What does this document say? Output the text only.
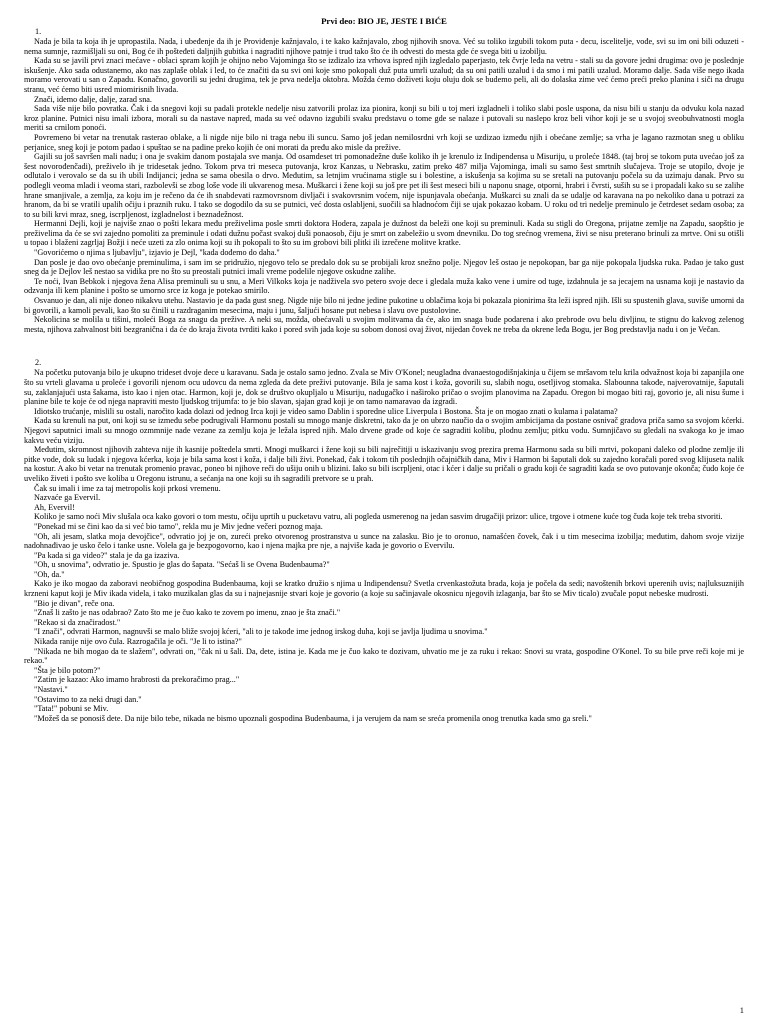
Prvi deo: BIO JE, JESTE I BIĆE
1.

Nada je bila ta koja ih je upropastila. Nada, i ubeđenje da ih je Proviđenje kažnjavalo, i te kako kažnjavalo, zbog njihovih snova. Već su toliko izgubili tokom puta - decu, iscelitelje, vođe, svi su im oni bili oduzeti - nema sumnje, razmišljali su oni, Bog će ih pošteđeti daljnjih gubitka i nagraditi njihove patnje i trud tako što će ih odvesti do mesta gde će svega biti u izobilju.

Kada su se javili prvi znaci mećave - oblaci spram kojih je ohijno nebo Vajominga što se izdizalo iza vrhova ispred njih izgledalo paperjasto, tek čvrje leđa na vetru - stali su da govore jedni drugima: ovo je poslednje iskušenje. Ako sada odustanemo, ako nas zaplaše oblak i led, to će značiti da su svi oni koje smo pokopali duž puta umrli uzalud; da su oni patili uzalud i da smo i mi patili uzalud. Moramo dalje. Sada više nego ikada moramo verovati u san o Zapadu. Konačno, govorili su jedni drugima, tek je prva nedelja oktobra. Možda ćemo doživeti koju oluju dok se budemo peli, ali do dolaska zime već ćemo preći preko planina i siči na drugu stranu, već ćemo biti usred miomirisnih livada.

Znači, idemo dalje, dalje, zarad sna.

Sada više nije bilo povratka. Čak i da snegovi koji su padali protekle nedelje nisu zatvorili prolaz iza pionira, konji su bili u toj meri izgladneli i toliko slabi posle uspona, da nisu bili u stanju da odvuku kola nazad kroz planine. Putnici nisu imali izbora, morali su da nastave napred, mada su već odavno izgubili svaku predstavu o tome gde se nalaze i putovali su naslepo kroz beli vihor koji je se u svojoj sveobuhvatnosti mogla meriti sa crnilom ponoći.

Povremeno bi vetar na trenutak rasterao oblake, a li nigde nije bilo ni traga nebu ili suncu. Samo još jedan nemilosrdni vrh koji se uzdizao između njih i obećane zemlje; sa vrha je lagano razmotan sneg u obliku perjanice, sneg koji je potom padao i spuštao se na padine preko kojih će oni morati da pređu ako misle da prežive.

Gajili su još savršen mali nadu; i ona je svakim danom postajala sve manja. Od osamdeset tri pomonadežne duše koliko ih je krenulo iz Indipendensa u Misuriju, u proleće 1848. (taj broj se tokom puta uvećao još za šest novorođenčadi), preživelo ih je tridesetak jedno. Tokom prva tri meseca putovanja, kroz Kanzas, u Nebrasku, zatim preko 487 milja Vajominga, imali su samo šest smrtnih slučajeva. Troje se utopilo, dvoje je odlutalo i verovalo se da su ih ubili Indijanci; jedna se sama obesila o drvo. Međutim, sa letnjim vrućinama stigle su i bolestine, a iskušenja sa kojima su se sretali na putovanju počela su da uzimaju danak. Prvo su podlegli veoma mladi i veoma stari, razbolevši se zbog loše vode ili ukvarenog mesa. Muškarci i žene koji su još pre pet ili šest meseci bili u naponu snage, otporni, hrabri i čvrsti, suših su se i propadali kako su se zalihe hrane smanjivale, a zemlja, za koju im je rečeno da će ih snabdevati razmovrsnom divljači i svakovrsnim voćem, nije ispunjavala obećanja. Muškarci su znali da se udalje od karavana na po nekoliko dana u potrazi za hranom, da bi se vratili upalih očiju i praznih ruku. I tako se dogodilo da su se putnici, već dosta oslabljeni, suočili sa hladnoćom čiji se ujak pokazao kobam. U roku od tri nedelje preminulo je četrdeset sedam osoba; za to su bili krvi mraz, sneg, iscrpljenost, izgladnelost i beznadežnost.

Hermanni Dejli, koji je najviše znao o pošti lekara među preživelima posle smrti doktora Hodera, zapala je dužnost da beleži one koji su preminuli. Kada su stigli do Oregona, prijatne zemlje na Zapadu, saopštio je preživelima da će se svi zajedno pomoliti za preminule i odati dužnu počast svakoj duši ponaosob, čiju je smrt on zabeležio u svom dnevniku. Do tog srećnog vremena, živi se nisu preterano brinuli za mrtve. Oni su otišli u topao i blaženi zagrljaj Božji i neće uzeti za zlo onima koji su ih pokopali to što su im grobovi bili plitki ili izrečene molitve kratke.

"Govorićemo o njima s ljubavlju", izjavio je Dejl, "kada dođemo do daha."

Dan posle je dao ovo obećanje preminulima, i sam im se pridružio, njegovo telo se predalo dok su se probijali kroz snežno polje. Njegov leš ostao je nepokopan, bar ga nije pokopala ljudska ruka. Padao je tako gust sneg da je Dejlov leš nestao sa vidika pre no što su preostali putnici imali vreme podelile njegove oskudne zalihe.

Te noći, Ivan Bebkok i njegova žena Alisa preminuli su u snu, a Meri Vilkoks koja je nadživela svo petero svoje dece i gledala muža kako vene i umire od tuge, izdahnula je sa jecajem na usnama koji je nastavio da odzvanja ili kem planine i pošto se umorno srce iz koga je potekao smirilo.

Osvanuo je dan, ali nije doneo nikakvu utehu. Nastavio je da pada gust sneg. Nigde nije bilo ni jedne jedine pukotine u oblačima koja bi pokazala pionirima šta leži ispred njih. Išli su spustenih glava, suviše umorni da bi govorili, a kamoli pevali, kao što su činili u razdraganim mesecima, maju i junu, šaljući hosane put nebesa i slavu ove pustolovine.

Nekolicina se molila u tišini, moleći Boga za snagu da prežive. A neki su, možda, obećavali u svojim molitvama da će, ako im snaga bude podarena i ako prebrode ovu belu divljinu, te stignu do kakvog zelenog mesta, njihova zahvalnost biti bezgranična i da će do kraja života tvrditi kako i pored svih jada koje su sobom donosi ovaj život, nijedan čovek ne treba da okrene leđa Bogu, jer Bog predstavlja nadu i on je Večan.

2.

Na početku putovanja bilo je ukupno trideset dvoje dece u karavanu. Sada je ostalo samo jedno. Zvala se Miv O'Konel; neuglađna dvanaestogodišnjakinja u čijem se mršavom telu krila odvažnost koja bi zapanjila one što su vrteli glavama u proleće i govorili njenom ocu udovcu da nema zgleda da dete preživi putovanje. Bila je sama kost i koža, govorili su, slabih nogu, osetljivog stomaka. Slabounna takođe, najverovatnije, šaputali su, zaklanjajući usta šakama, isto kao i njen otac. Harmon, koji je, dok se društvo okupljalo u Misuriju, nadugačko i naširoko pričao o svojim planovima na Zapadu. Oregon bi mogao biti raj, govorio je, ali nisu šume i planine bile te koje će od njega napraviti mesto ljudskog trijumfa: to je bio slavan, sjajan grad koji je on tamo namaravao da izgradi.

Idiotsko trućanje, mislili su ostali, naročito kada dolazi od jednog Irca koji je video samo Dablin i sporedne ulice Liverpula i Bostona. Šta je on mogao znati o kulama i palatama?

Kada su krenuli na put, oni koji su se između sebe podrugivali Harmonu postali su mnogo manje diskretni, tako da je on ubrzo naučio da o svojim ambicijama da postane osnivač gradova priča samo sa svojom kćerki. Njegovi saputnici imali su mnogo ozmmnije nade vezane za zemlju koja je ležala ispred njih. Malo drvene građe od koje će sagraditi kolibu, plodnu zemlju; pitku vodu. Sumnjičavo su gledali na svakoga ko je imao kakvu veću viziju.

Međutim, skromnost njihovih zahteva nije ih kasnije poštedela smrti. Mnogi muškarci i žene koji su bili najrečitiji u iskazivanju svog prezira prema Harmonu sada su bili mrtvi, pokopani daleko od plodne zemlje ili pitke vode, dok su ludak i njegova kćerka, koja je bila sama kost i koža, i dalje bili živi. Ponekad, čak i tokom tih poslednjih očajničkih dana, Miv i Harmon bi šaputali dok su zajedno koračali pored svog klijuseta nalik na kostur. A ako bi vetar na trenutak promenio pravac, poneo bi njihove reči do ušiju onih u blizini. Iako su bili iscrpljeni, otac i kćer i dalje su pričali o gradu koji će sagraditi kada se ovo putovanje okonča; čudo koje će uveliko živeti i pošto sve koliba u Oregonu istrunu, a sećanja na one koji su ih sagradili pretvore se u prah.

Čak su imali i ime za taj metropolis koji prkosi vremenu.

Nazvaće ga Evervil.

Ah, Evervil!

Koliko je samo noći Miv slušala oca kako govori o tom mestu, očiju uprtih u pucketavu vatru, ali pogleda usmerenog na jedan sasvim drugačiji prizor: ulice, trgove i otmene kuće tog čuda koje tek treba stvoriti.

"Ponekad mi se čini kao da si već bio tamo", rekla mu je Miv jedne večeri poznog maja.

"Oh, ali jesam, slatka moja devojčice", odvratio joj je on, zureći preko otvorenog prostranstva u sunce na zalasku. Bio je to oronuo, namašćen čovek, čak i u tim mesecima izobilja; međutim, dahom svoje vizije nadohnađivao je usko čelo i tanke usne. Voleła ga je bezpogovorno, kao i njena majka pre nje, a najviše kada je govorio o Evervilu.

"Pa kada si ga video?" stala je da ga izaziva.

"Oh, u snovima", odvratio je. Spustio je glas do šapata. "Sećaš li se Ovena Budenbauma?"

"Oh, da."

Kako je iko mogao da zaboravi neobičnog gospodina Budenbauma, koji se kratko družio s njima u Indipendensu? Svetla crvenkastožuta brada, koja je počela da sedi; navoštenih brkovi uperenih uvis; najluksuznijih krzneni kaput koji je Miv ikada videla, i tako muzikalan glas da su i najnejasnije stvari koje je govorio (a koje su sačinjavale okosnicu njegovih izlaganja, bar što se Miv ticalo) zvučale poput nebeske mudrosti.

"Bio je divan", reče ona.

"Znaš li zašto je nas odabrao? Zato što me je čuo kako te zovem po imenu, znao je šta znači."

"Rekao si da značiradost."

"I znači", odvrati Harmon, nagnuvši se malo bliže svojoj kćeri, "ali to je takođe ime jednog irskog duha, koji se javlja ljudima u snovima."

Nikada ranije nije ovo čula. Razrogačila je oči. "Je li to istina?"

"Nikada ne bih mogao da te slažem", odvrati on, "čak ni u šali. Da, dete, istina je. Kada me je čuo kako te dozivam, uhvatio me je za ruku i rekao: Snovi su vrata, gospodine O'Konel. To su bile prve reči koje mi je rekao."

"Šta je bilo potom?"

"Zatim je kazao: Ako imamo hrabrosti da prekoračimo prag..."

"Nastavi."

"Ostavimo to za neki drugi dan."

"Tata!" pobuni se Miv.

"Možeš da se ponosiš dete. Da nije bilo tebe, nikada ne bismo upoznali gospodina Budenbauma, i ja verujem da nam se sreća promenila onog trenutka kada smo ga sreli."

1
